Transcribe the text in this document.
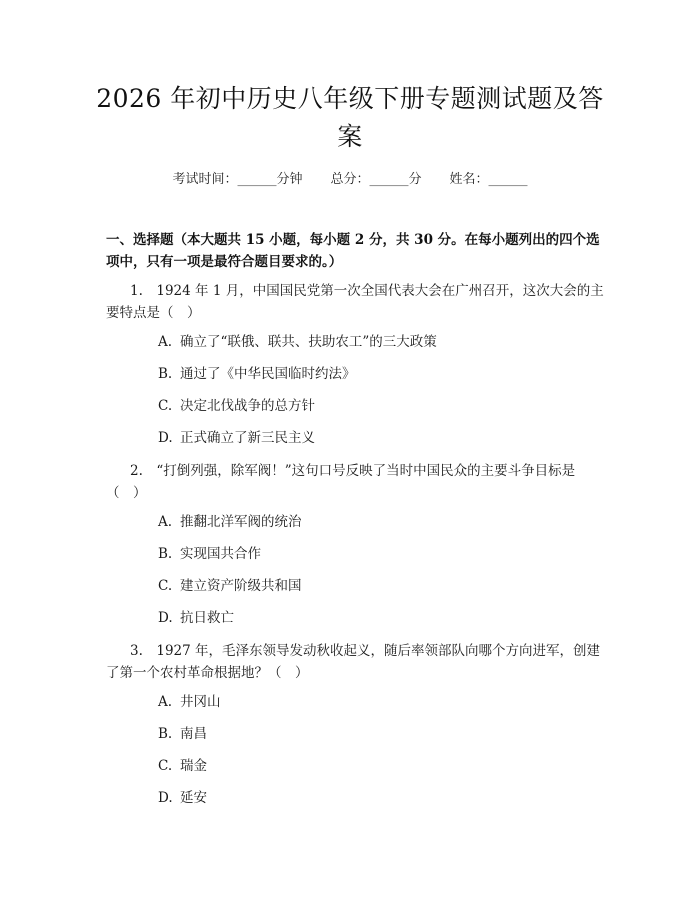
2026 年初中历史八年级下册专题测试题及答案
考试时间：______分钟 总分：______分 姓名：______
一、选择题（本大题共 15 小题，每小题 2 分，共 30 分。在每小题列出的四个选项中，只有一项是最符合题目要求的。）
1.　1924 年 1 月，中国国民党第一次全国代表大会在广州召开，这次大会的主要特点是（　）
A. 确立了“联俄、联共、扶助农工”的三大政策
B. 通过了《中华民国临时约法》
C. 决定北伐战争的总方针
D. 正式确立了新三民主义
2.　“打倒列强，除军阀！”这句口号反映了当时中国民众的主要斗争目标是（　）
A. 推翻北洋军阀的统治
B. 实现国共合作
C. 建立资产阶级共和国
D. 抗日救亡
3.　1927 年，毛泽东领导发动秋收起义，随后率领部队向哪个方向进军，创建了第一个农村革命根据地？（　）
A. 井冈山
B. 南昌
C. 瑞金
D. 延安
